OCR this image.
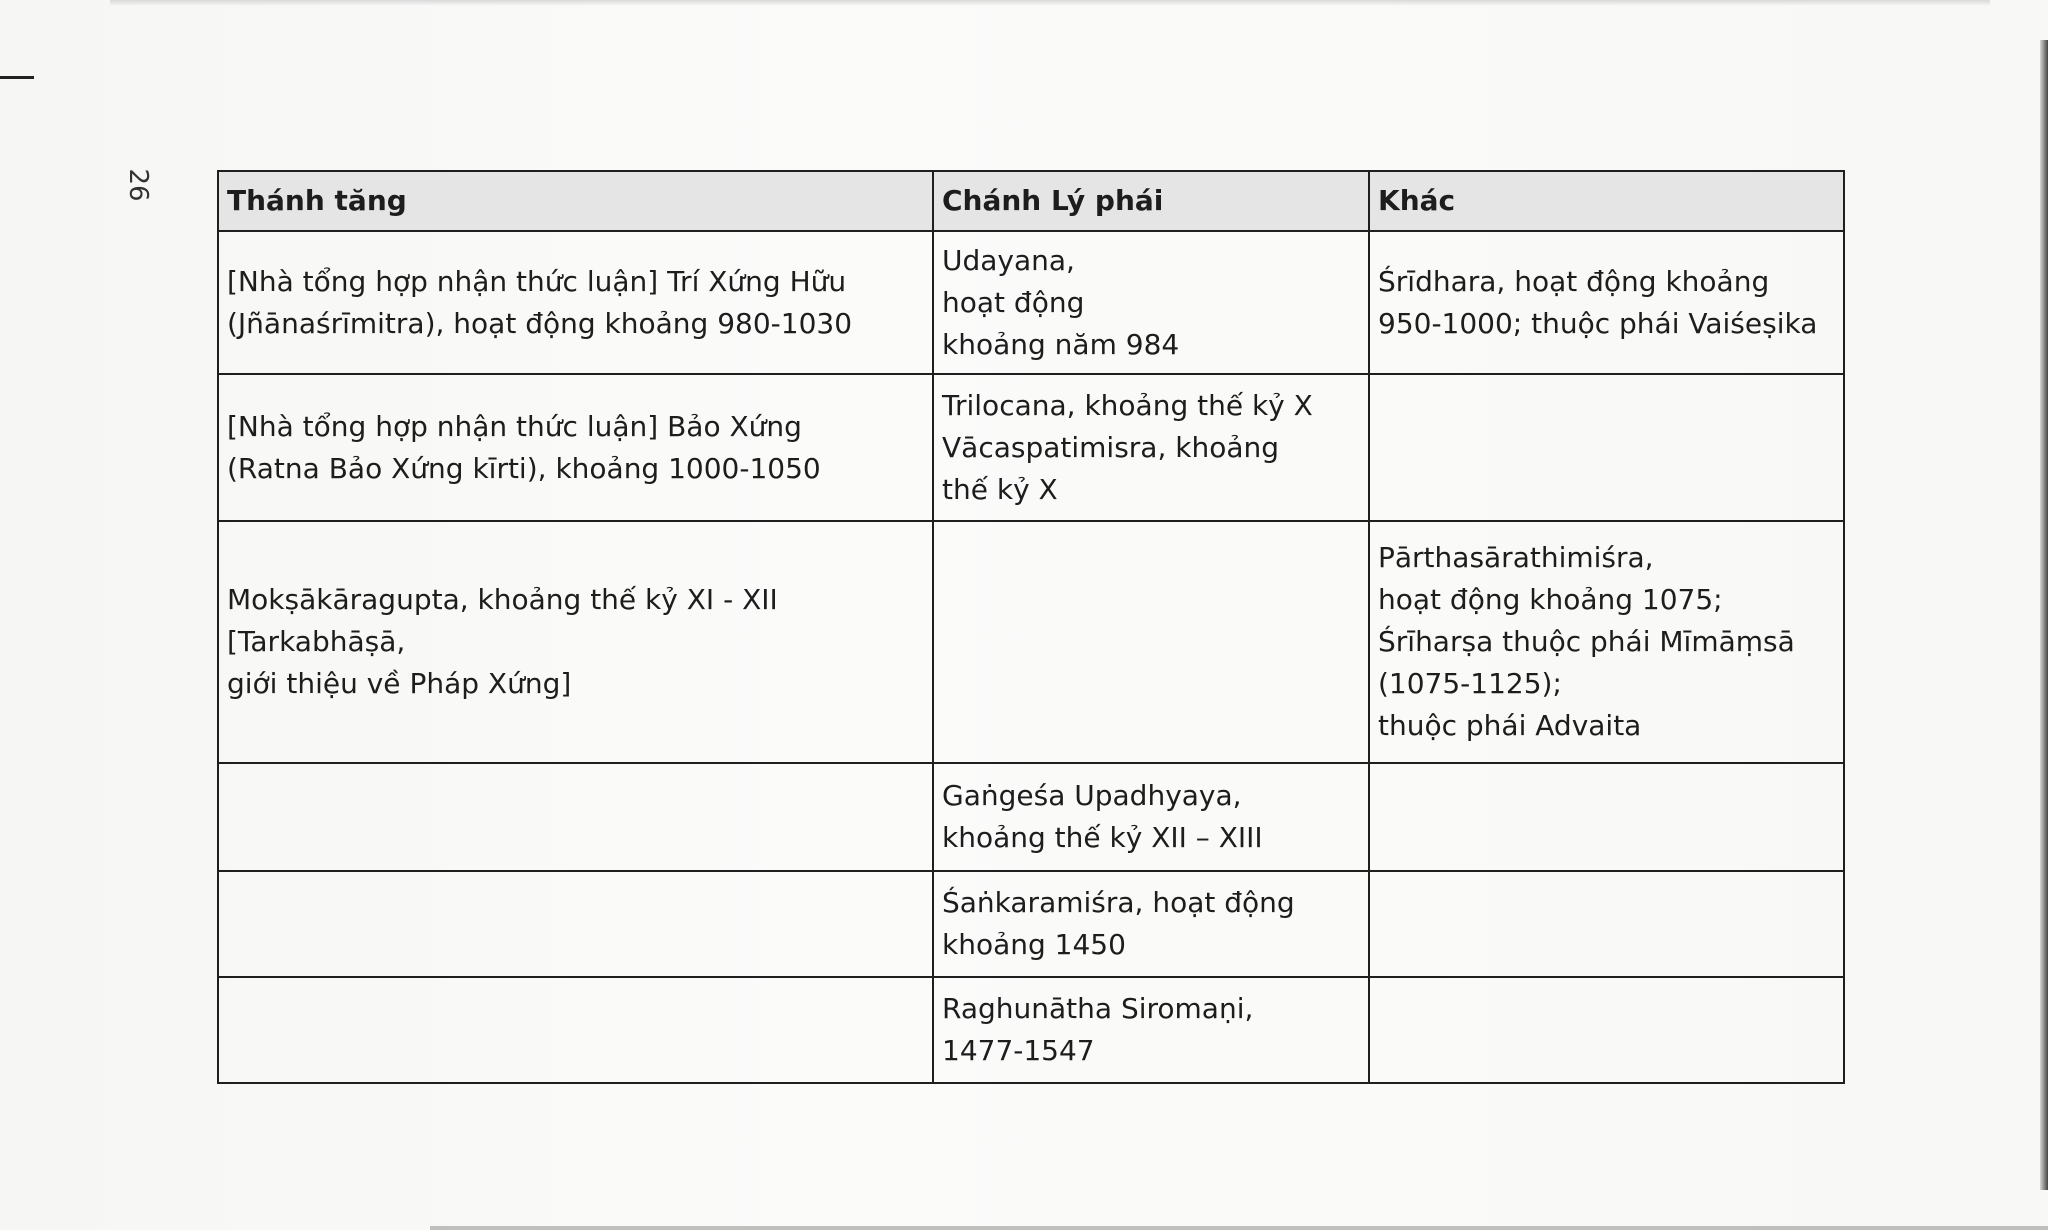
26	Thánh tăng	Chánh Lý phái	Khác

[Nhà tổng hợp nhận thức luận] Trí Xứng Hữu
(Jñānaśrīmitra), hoạt động khoảng 980-1030	Udayana,
hoạt động
khoảng năm 984	Śrīdhara, hoạt động khoảng
950-1000; thuộc phái Vaiśeṣika

[Nhà tổng hợp nhận thức luận] Bảo Xứng
(Ratna Bảo Xứng kīrti), khoảng 1000-1050	Trilocana, khoảng thế kỷ X
Vācaspatimisra, khoảng
thế kỷ X	

Mokṣākāragupta, khoảng thế kỷ XI - XII
[Tarkabhāṣā,
giới thiệu về Pháp Xứng]		Pārthasārathimiśra,
hoạt động khoảng 1075;
Śrīharṣa thuộc phái Mīmāṃsā
(1075-1125);
thuộc phái Advaita

	Gaṅgeśa Upadhyaya,
khoảng thế kỷ XII – XIII	

	Śaṅkaramiśra, hoạt động
khoảng 1450	

	Raghunātha Siromaṇi,
1477-1547	
